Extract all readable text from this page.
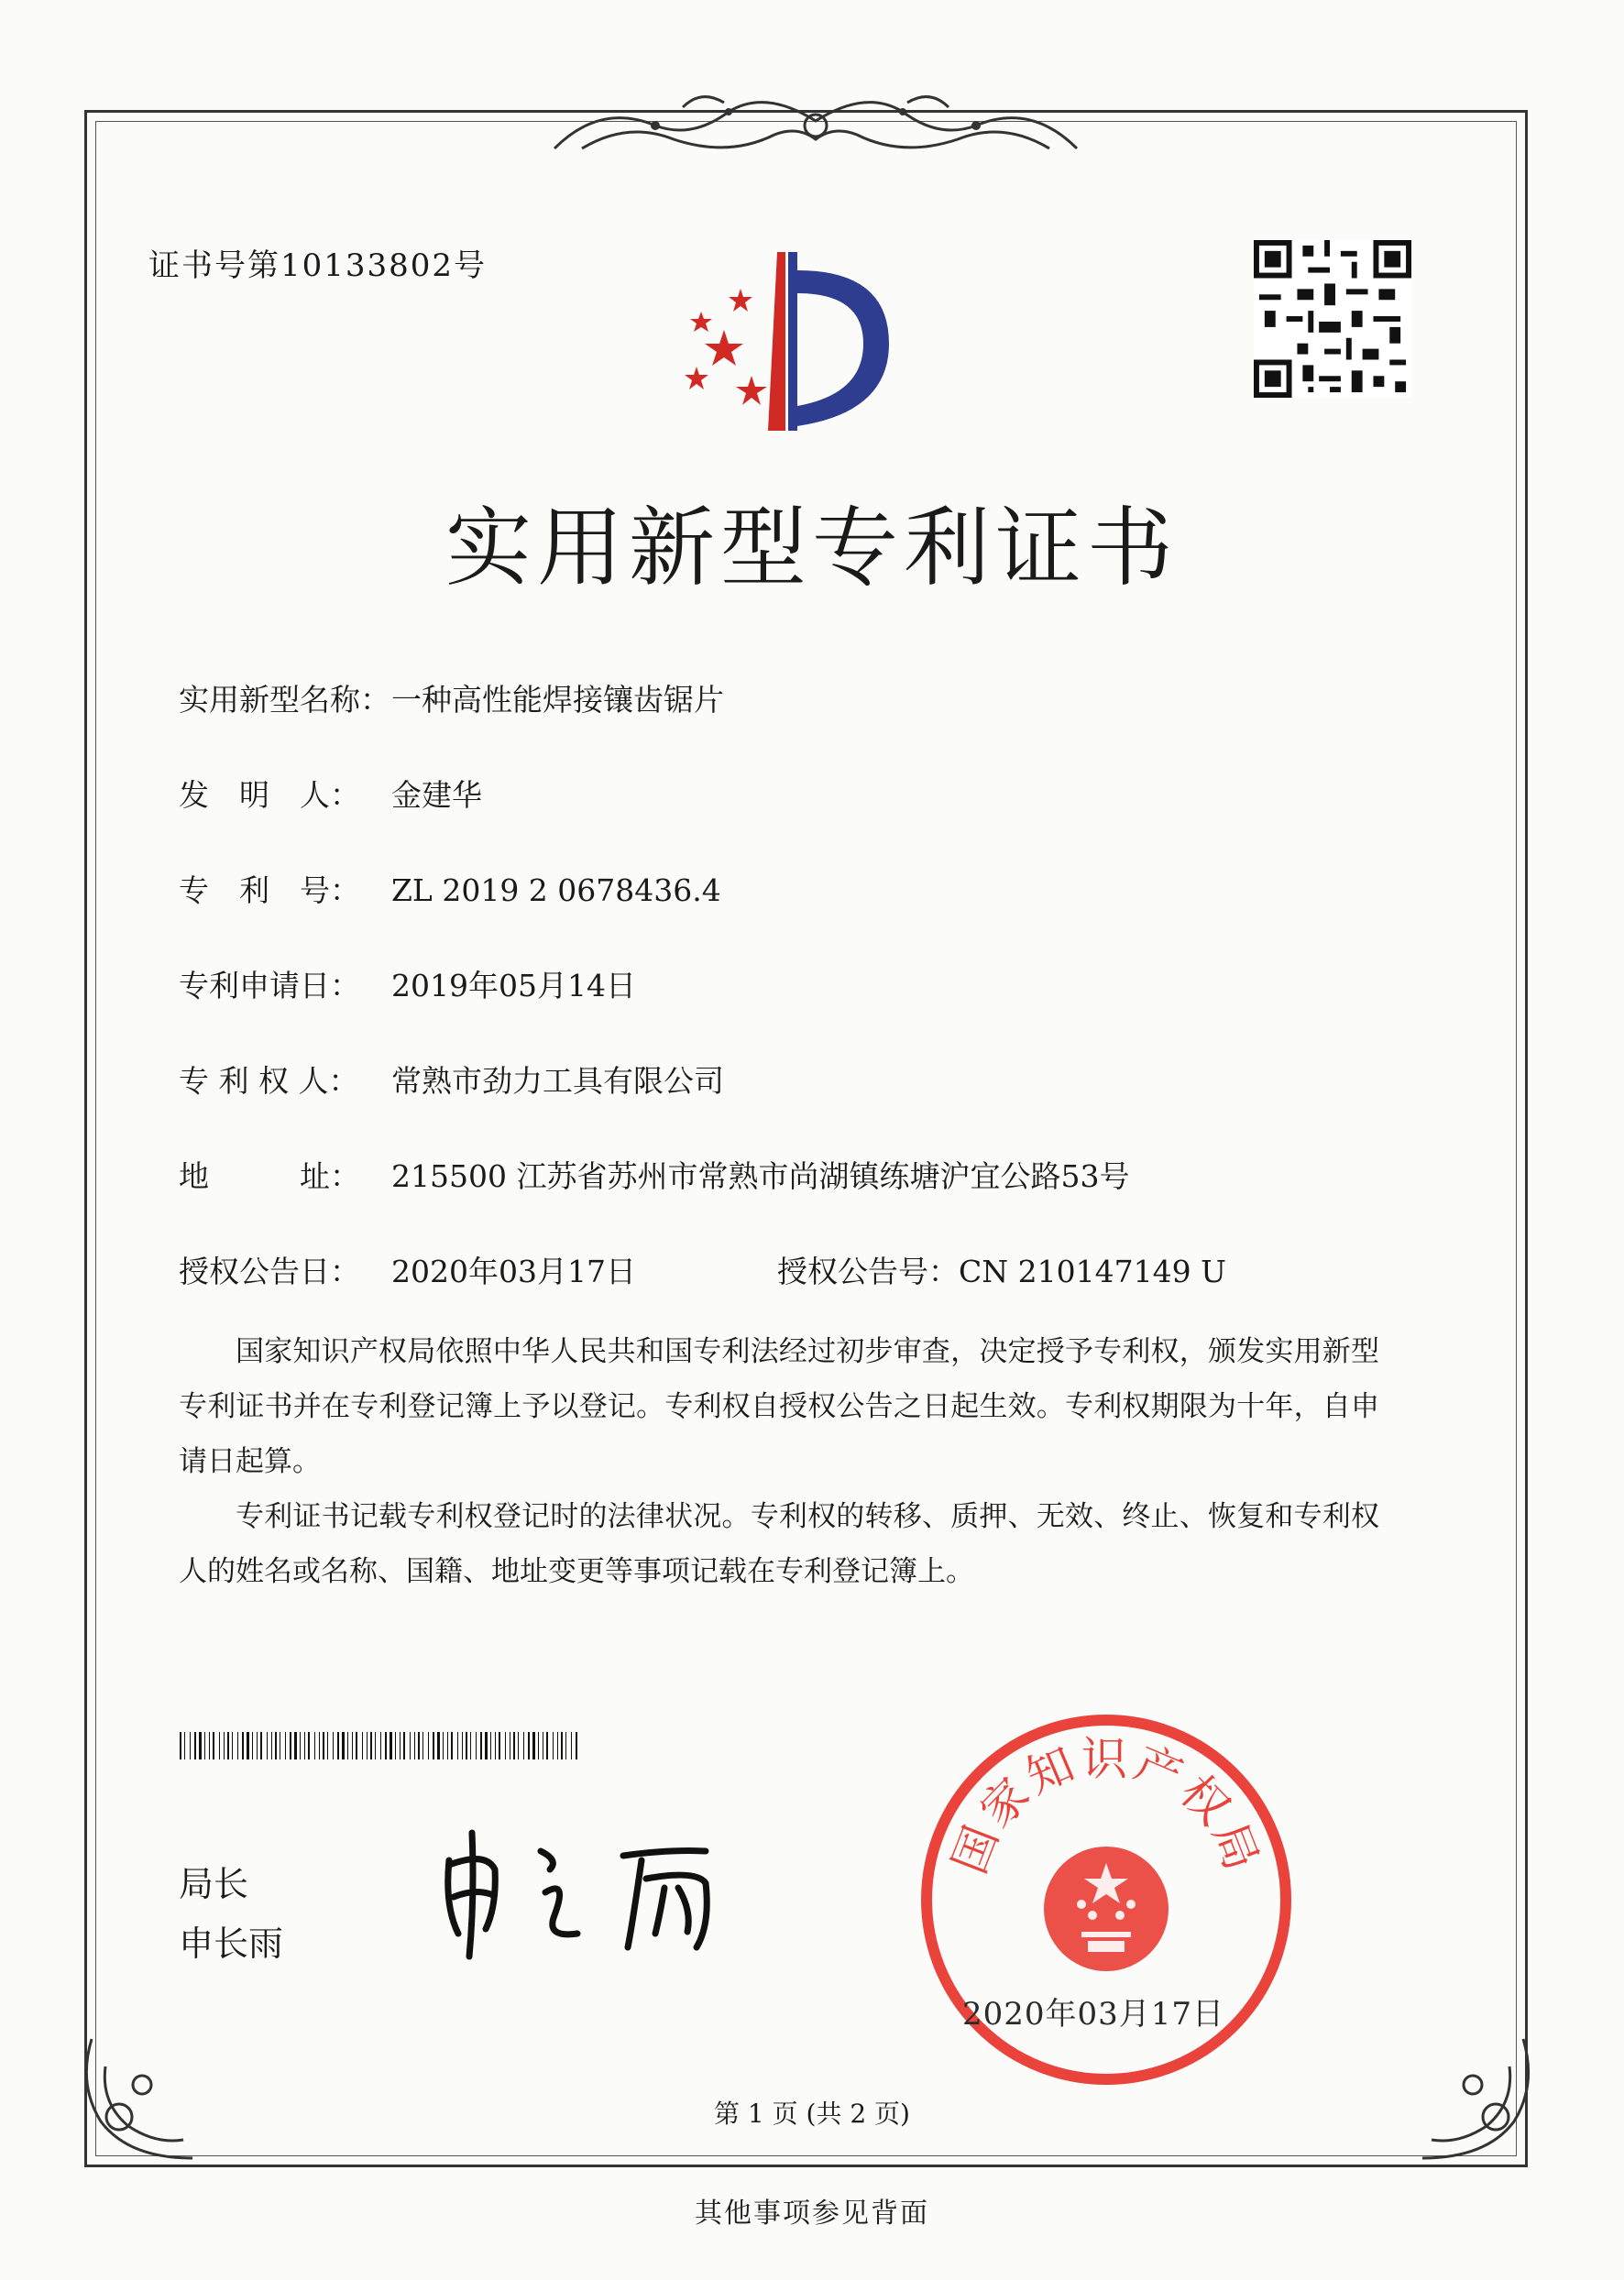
证书号第10133802号
实用新型专利证书
实用新型名称：一种高性能焊接镶齿锯片
发　明　人： 金建华
专　利　号： ZL 2019 2 0678436.4
专利申请日： 2019年05月14日
专 利 权 人： 常熟市劲力工具有限公司
地　　　址： 215500 江苏省苏州市常熟市尚湖镇练塘沪宜公路53号
授权公告日： 2020年03月17日	授权公告号：CN 210147149 U
国家知识产权局依照中华人民共和国专利法经过初步审查，决定授予专利权，颁发实用新型专利证书并在专利登记簿上予以登记。专利权自授权公告之日起生效。专利权期限为十年，自申请日起算。
专利证书记载专利权登记时的法律状况。专利权的转移、质押、无效、终止、恢复和专利权人的姓名或名称、国籍、地址变更等事项记载在专利登记簿上。
局长
申长雨
国家知识产权局
2020年03月17日
第 1 页 (共 2 页)
其他事项参见背面
